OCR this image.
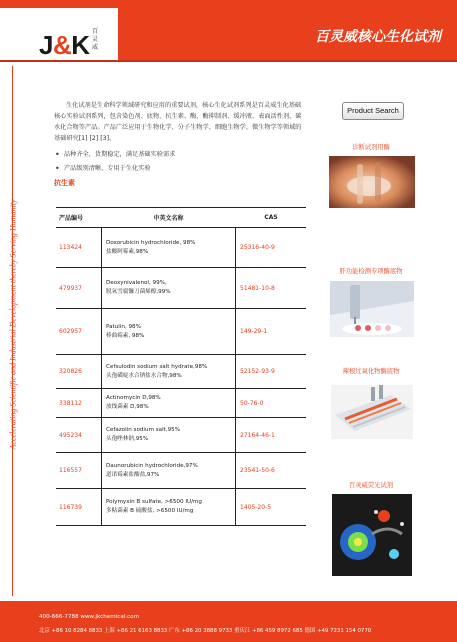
J&K 百
灵
威
百灵威核心生化试剂
Accelerating Scientific and Industrial Development thereby Serving Humanity

生化试剂是生命科学领域研究和应用的重要试剂，核心生化试剂系列是百灵威生化基础核心实验试剂系列，包含染色剂、底物、抗生素、酶、酶抑制剂、缓冲液、表面活性剂、碳水化合物等产品。产品广泛应用于生物化学、分子生物学、细胞生物学、微生物学等领域的基础研究[1] [2] [3]。

• 品种齐全，货期稳定，满足基础实验需求
• 产品级别清晰，专用于生化实验
抗生素
产品编号	中英文名称	CAS
113424
Doxorubicin hydrochloride, 98%
盐酸阿霉素,98%
25316-40-9
479937
Deoxynivalenol, 99%,
脱氧雪腐镰刀菌烯醇,99%
51481-10-8
602957
Patulin, 98%
棒曲霉素, 98%
149-29-1
320826
Cefsulodin sodium salt hydrate,98%
头孢磺啶水合钠盐水合物,98%
52152-93-9
338112
Actinomycin D,98%
放线菌素 D,98%
50-76-0
495234
Cefazolin sodium salt,95%
头孢唑林钠,95%
27164-46-1
116557
Daunorubicin hydrochloride,97%
道诺霉素盐酸盐,97%
23541-50-6
116739
Polymyxin B sulfate, >6500 IU/mg
多粘菌素 B 硫酸盐, >6500 IU/mg
1405-20-5
Product Search
诊断试剂用酶
肝功能检测专项酶底物
辣根过氧化物酶底物
百灵威荧光试剂
400-666-7788 www.jkchemical.com
北京 +86 10 8284 8833 上海 +86 21 6163 8833 广东 +86 20 3888 9733 重庆江 +86 459 8972 685 德国 +49 7231 154 0770
